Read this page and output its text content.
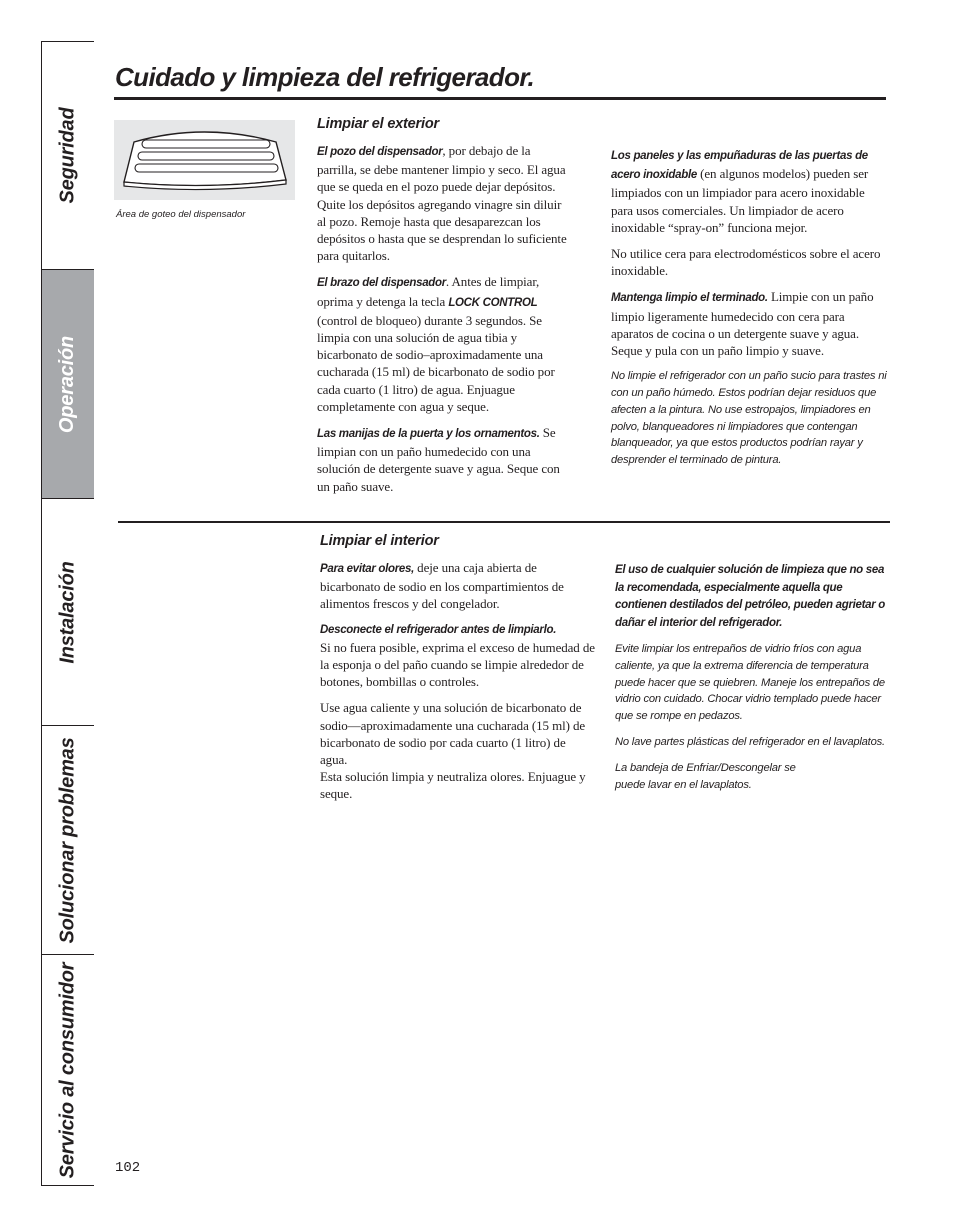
Seguridad
Operación
Instalación
Solucionar problemas
Servicio al consumidor
Cuidado y limpieza del refrigerador.
Área de goteo del dispensador
Limpiar el exterior

El pozo del dispensador, por debajo de la parrilla, se debe mantener limpio y seco. El agua que se queda en el pozo puede dejar depósitos. Quite los depósitos agregando vinagre sin diluir al pozo. Remoje hasta que desaparezcan los depósitos o hasta que se desprendan lo suficiente para quitarlos.

El brazo del dispensador. Antes de limpiar, oprima y detenga la tecla LOCK CONTROL (control de bloqueo) durante 3 segundos. Se limpia con una solución de agua tibia y bicarbonato de sodio–aproximadamente una cucharada (15 ml) de bicarbonato de sodio por cada cuarto (1 litro) de agua. Enjuague completamente con agua y seque.

Las manijas de la puerta y los ornamentos. Se limpian con un paño humedecido con una solución de detergente suave y agua. Seque con un paño suave.

Los paneles y las empuñaduras de las puertas de acero inoxidable (en algunos modelos) pueden ser limpiados con un limpiador para acero inoxidable para usos comerciales. Un limpiador de acero inoxidable “spray-on” funciona mejor.

No utilice cera para electrodomésticos sobre el acero inoxidable.

Mantenga limpio el terminado. Limpie con un paño limpio ligeramente humedecido con cera para aparatos de cocina o un detergente suave y agua. Seque y pula con un paño limpio y suave.

No limpie el refrigerador con un paño sucio para trastes ni con un paño húmedo. Estos podrían dejar residuos que afecten a la pintura. No use estropajos, limpiadores en polvo, blanqueadores ni limpiadores que contengan blanqueador, ya que estos productos podrían rayar y desprender el terminado de pintura.

Limpiar el interior

Para evitar olores, deje una caja abierta de bicarbonato de sodio en los compartimientos de alimentos frescos y del congelador.

Desconecte el refrigerador antes de limpiarlo.
Si no fuera posible, exprima el exceso de humedad de la esponja o del paño cuando se limpie alrededor de botones, bombillas o controles.

Use agua caliente y una solución de bicarbonato de sodio—aproximadamente una cucharada (15 ml) de bicarbonato de sodio por cada cuarto (1 litro) de agua.
Esta solución limpia y neutraliza olores. Enjuague y seque.

El uso de cualquier solución de limpieza que no sea la recomendada, especialmente aquella que contienen destilados del petróleo, pueden agrietar o dañar el interior del refrigerador.

Evite limpiar los entrepaños de vidrio fríos con agua caliente, ya que la extrema diferencia de temperatura puede hacer que se quiebren. Maneje los entrepaños de vidrio con cuidado. Chocar vidrio templado puede hacer que se rompe en pedazos.

No lave partes plásticas del refrigerador en el lavaplatos.

La bandeja de Enfriar/Descongelar se puede lavar en el lavaplatos.

102
